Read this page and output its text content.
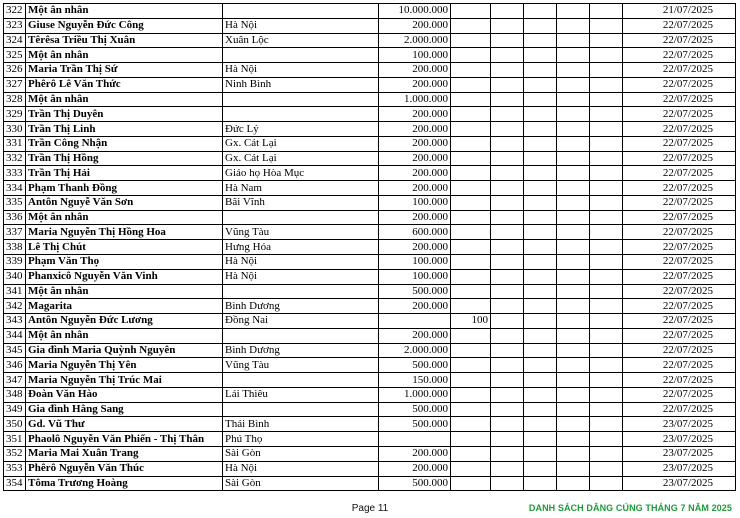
322	Một ân nhân		10.000.000						21/07/2025
323	Giuse Nguyễn Đức Công	Hà Nội	200.000						22/07/2025
324	Têrêsa Triều Thị Xuân	Xuân Lộc	2.000.000						22/07/2025
325	Một ân nhân		100.000						22/07/2025
326	Maria Trần Thị Sứ	Hà Nội	200.000						22/07/2025
327	Phêrô Lê Văn Thức	Ninh Bình	200.000						22/07/2025
328	Một ân nhân		1.000.000						22/07/2025
329	Trần Thị Duyên		200.000						22/07/2025
330	Trần Thị Linh	Đức Lý	200.000						22/07/2025
331	Trần Công Nhận	Gx. Cát Lại	200.000						22/07/2025
332	Trần Thị Hồng	Gx. Cát Lại	200.000						22/07/2025
333	Trần Thị Hải	Giáo họ Hòa Mục	200.000						22/07/2025
334	Phạm Thanh Đồng	Hà Nam	200.000						22/07/2025
335	Antôn Nguyễ Văn Sơn	Bãi Vĩnh	100.000						22/07/2025
336	Một ân nhân		200.000						22/07/2025
337	Maria Nguyễn Thị Hồng Hoa	Vũng Tàu	600.000						22/07/2025
338	Lê Thị Chút	Hưng Hóa	200.000						22/07/2025
339	Phạm Văn Thọ	Hà Nội	100.000						22/07/2025
340	Phanxicô Nguyễn Văn Vinh	Hà Nội	100.000						22/07/2025
341	Một ân nhân		500.000						22/07/2025
342	Magarita	Bình Dương	200.000						22/07/2025
343	Antôn Nguyễn Đức Lương	Đồng Nai		100					22/07/2025
344	Một ân nhân		200.000						22/07/2025
345	Gia đình Maria Quỳnh Nguyên	Bình Dương	2.000.000						22/07/2025
346	Maria Nguyễn Thị Yên	Vũng Tàu	500.000						22/07/2025
347	Maria Nguyễn Thị Trúc Mai		150.000						22/07/2025
348	Đoàn Văn Hào	Lái Thiêu	1.000.000						22/07/2025
349	Gia đình Hằng Sang		500.000						22/07/2025
350	Gd. Vũ Thư	Thái Bình	500.000						23/07/2025
351	Phaolô Nguyễn Văn Phiến - Thị Thân	Phú Thọ							23/07/2025
352	Maria Mai Xuân Trang	Sài Gòn	200.000						23/07/2025
353	Phêrô Nguyễn Văn Thúc	Hà Nội	200.000						23/07/2025
354	Tôma Trương Hoàng	Sài Gòn	500.000						23/07/2025
Page 11	DANH SÁCH DÂNG CÚNG THÁNG 7 NĂM 2025
